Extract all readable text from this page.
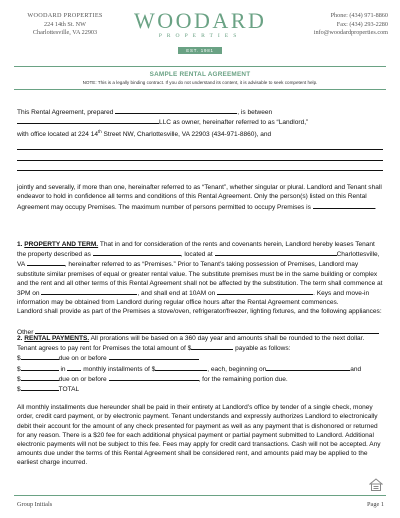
WOODARD PROPERTIES
224 14th St. NW
Charlottesville, VA 22903	WOODARD
PROPERTIES
EST. 1981
Phone: (434) 971-8860
Fax: (434) 293-2280
info@woodardproperties.com
SAMPLE RENTAL AGREEMENT
NOTE: This is a legally binding contract. If you do not understand its content, it is advisable to seek competent help.

This Rental Agreement, prepared	, is between

LLC as owner, hereinafter referred to as “Landlord,”

with office located at 224 14th Street NW, Charlottesville, VA 22903 (434-971-8860), and

jointly and severally, if more than one, hereinafter referred to as “Tenant”, whether singular or plural. Landlord and Tenant shall endeavor to hold in confidence all terms and conditions of this Rental Agreement. Only the person(s) listed on this Rental Agreement may occupy Premises. The maximum number of persons permitted to occupy Premises is	.

1. PROPERTY AND TERM. That in and for consideration of the rents and covenants herein, Landlord hereby leases Tenant the property described as	, located at	Charlottesville, VA	, hereinafter referred to as “Premises.” Prior to Tenant’s taking possession of Premises, Landlord may substitute similar premises of equal or greater rental value. The substitute premises must be in the same building or complex and the rent and all other terms of this Rental Agreement shall not be affected by the substitution. The term shall commence at 3PM on	, and shall end at 10AM on	. Keys and move-in information may be obtained from Landlord during regular office hours after the Rental Agreement commences.

Landlord shall provide as part of the Premises a stove/oven, refrigerator/freezer, lighting fixtures, and the following appliances:

Other

2. RENTAL PAYMENTS. All prorations will be based on a 360 day year and amounts shall be rounded to the next dollar. Tenant agrees to pay rent for Premises the total amount of $	payable as follows:

$	due on or before

$	in  monthly installments of $	, each, beginning on	and

$	due on or before	, for the remaining portion due.

$	TOTAL

All monthly installments due hereunder shall be paid in their entirety at Landlord’s office by tender of a single check, money order, credit card payment, or by electronic payment. Tenant understands and expressly authorizes Landlord to electronically debit their account for the amount of any check presented for payment as well as any payment that is dishonored or returned for any reason. There is a $20 fee for each additional physical payment or partial payment submitted to Landlord. Additional electronic payments will not be subject to this fee. Fees may apply for credit card transactions. Cash will not be accepted. Any amounts due under the terms of this Rental Agreement shall be considered rent, and amounts paid may be applied to the earliest charge incurred.

Group Initials	Page 1
